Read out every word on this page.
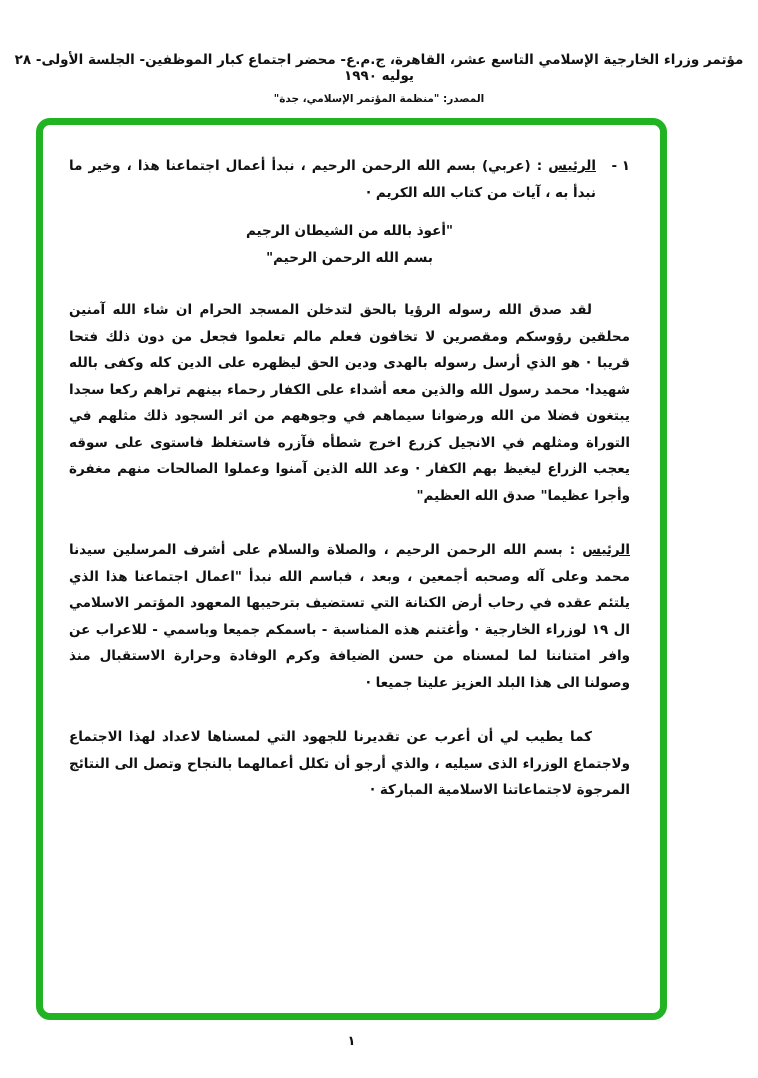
مؤتمر وزراء الخارجية الإسلامي التاسع عشر، القاهرة، ج.م.ع- محضر اجتماع كبار الموظفين- الجلسة الأولى- ٢٨ يوليه ١٩٩٠
المصدر: "منظمة المؤتمر الإسلامي، جدة"
١ -
الرئيس : (عربي) بسم الله الرحمن الرحيم ، نبدأ أعمال اجتماعنا هذا ، وخير ما نبدأ به ، آيات من كتاب الله الكريم ·
"أعوذ بالله من الشيطان الرجيم
بسم الله الرحمن الرحيم"
لقد صدق الله رسوله الرؤيا بالحق لتدخلن المسجد الحرام ان شاء الله آمنين محلقين رؤوسكم ومقصرين لا تخافون فعلم مالم تعلموا فجعل من دون ذلك فتحا قريبا · هو الذي أرسل رسوله بالهدى ودين الحق ليظهره على الدين كله وكفى بالله شهيدا· محمد رسول الله والذين معه أشداء على الكفار رحماء بينهم تراهم ركعا سجدا يبتغون فضلا من الله ورضوانا سيماهم في وجوههم من اثر السجود ذلك مثلهم في التوراة ومثلهم في الانجيل كزرع اخرج شطأه فآزره فاستغلظ فاستوى على سوقه يعجب الزراع ليغيظ بهم الكفار · وعد الله الذين آمنوا وعملوا الصالحات منهم مغفرة وأجرا عظيما" صدق الله العظيم"
الرئيس : بسم الله الرحمن الرحيم ، والصلاة والسلام على أشرف المرسلين سيدنا محمد وعلى آله وصحبه أجمعين ، وبعد ، فباسم الله نبدأ "اعمال اجتماعنا هذا الذي يلتئم عقده في رحاب أرض الكنانة التي تستضيف بترحيبها المعهود المؤتمر الاسلامي ال ١٩ لوزراء الخارجية · وأغتنم هذه المناسبة - باسمكم جميعا وباسمي - للاعراب عن وافر امتناننا لما لمسناه من حسن الضيافة وكرم الوفادة وحرارة الاستقبال منذ وصولنا الى هذا البلد العزيز علينا جميعا ·
كما يطيب لي أن أعرب عن تقديرنا للجهود التي لمسناها لاعداد لهذا الاجتماع ولاجتماع الوزراء الذى سيليه ، والذي أرجو أن تكلل أعمالهما بالنجاح وتصل الى النتائج المرجوة لاجتماعاتنا الاسلامية المباركة ·
١
